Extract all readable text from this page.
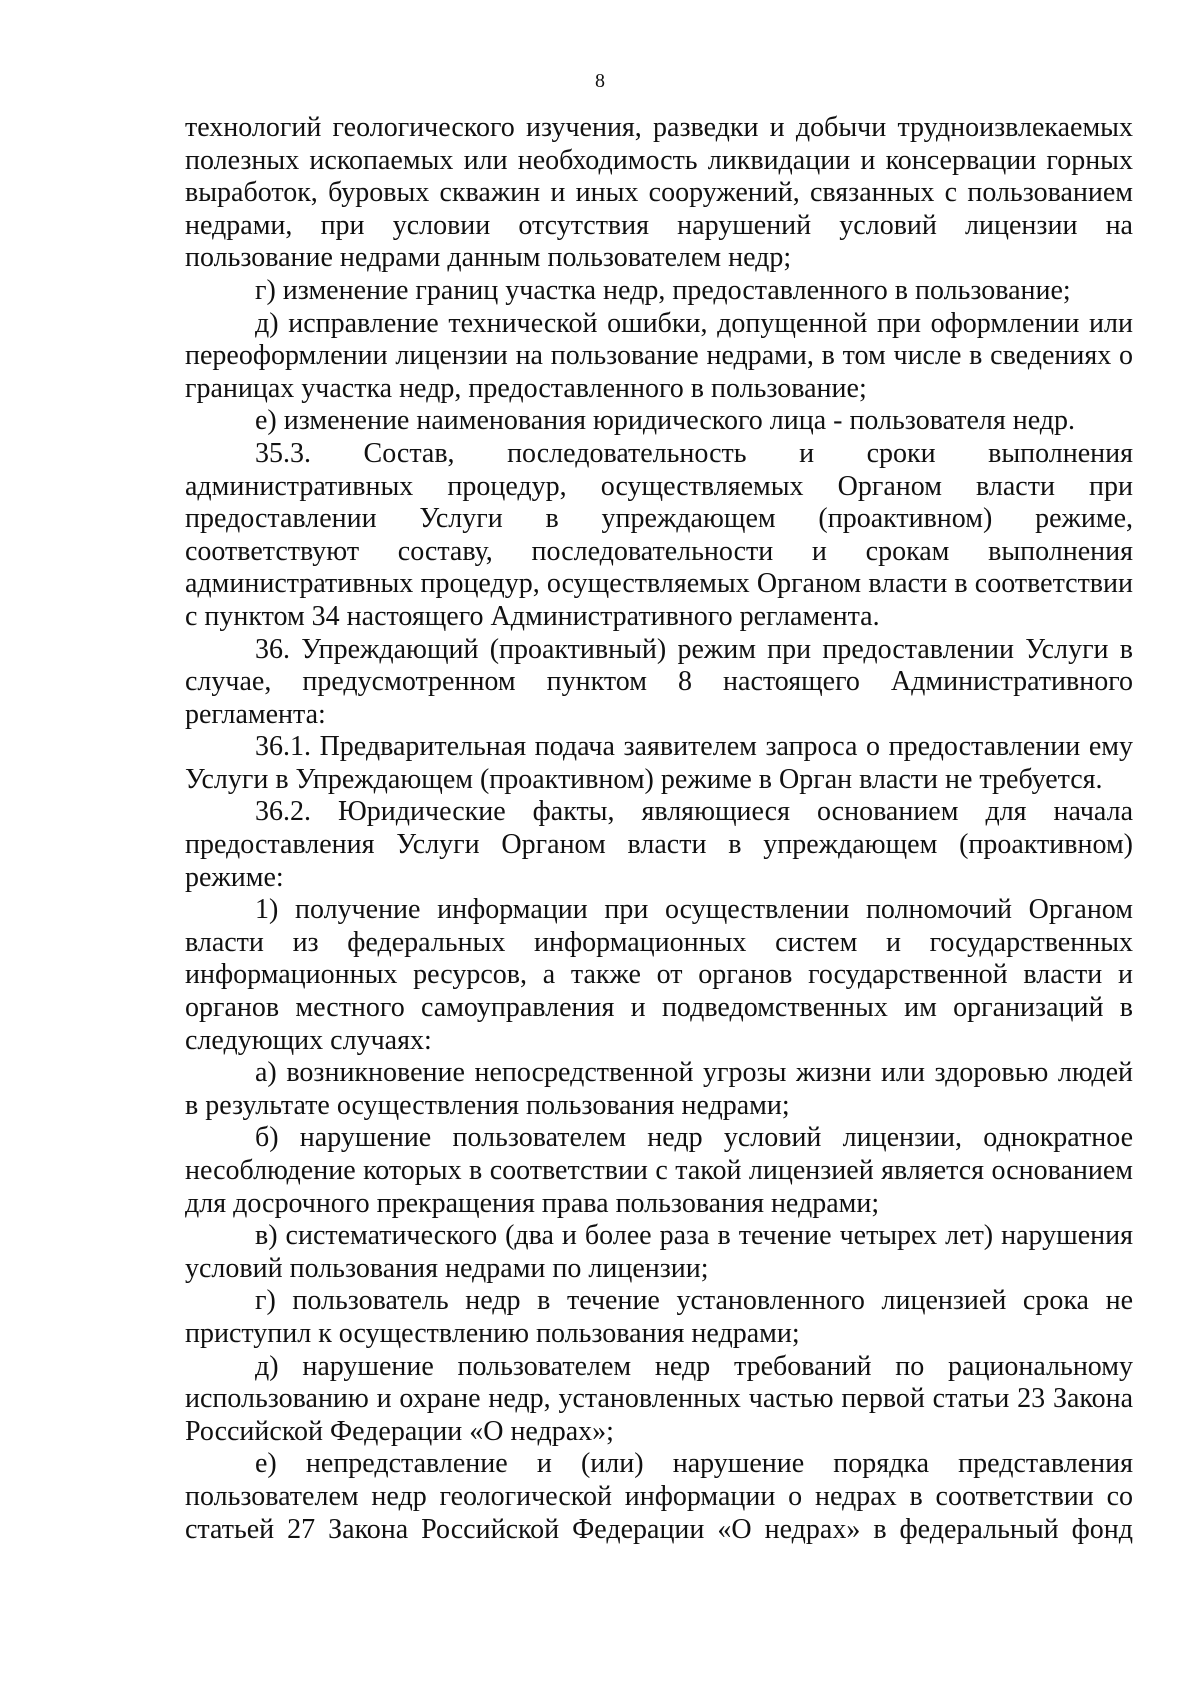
8

технологий геологического изучения, разведки и добычи трудноизвлекаемых полезных ископаемых или необходимость ликвидации и консервации горных выработок, буровых скважин и иных сооружений, связанных с пользованием недрами, при условии отсутствия нарушений условий лицензии на пользование недрами данным пользователем недр;

г) изменение границ участка недр, предоставленного в пользование;

д) исправление технической ошибки, допущенной при оформлении или переоформлении лицензии на пользование недрами, в том числе в сведениях о границах участка недр, предоставленного в пользование;

е) изменение наименования юридического лица - пользователя недр.

35.3. Состав, последовательность и сроки выполнения административных процедур, осуществляемых Органом власти при предоставлении Услуги в упреждающем (проактивном) режиме, соответствуют составу, последовательности и срокам выполнения административных процедур, осуществляемых Органом власти в соответствии с пунктом 34 настоящего Административного регламента.

36. Упреждающий (проактивный) режим при предоставлении Услуги в случае, предусмотренном пунктом 8 настоящего Административного регламента:

36.1. Предварительная подача заявителем запроса о предоставлении ему Услуги в Упреждающем (проактивном) режиме в Орган власти не требуется.

36.2. Юридические факты, являющиеся основанием для начала предоставления Услуги Органом власти в упреждающем (проактивном) режиме:

1) получение информации при осуществлении полномочий Органом власти из федеральных информационных систем и государственных информационных ресурсов, а также от органов государственной власти и органов местного самоуправления и подведомственных им организаций в следующих случаях:

а) возникновение непосредственной угрозы жизни или здоровью людей в результате осуществления пользования недрами;

б) нарушение пользователем недр условий лицензии, однократное несоблюдение которых в соответствии с такой лицензией является основанием для досрочного прекращения права пользования недрами;

в) систематического (два и более раза в течение четырех лет) нарушения условий пользования недрами по лицензии;

г) пользователь недр в течение установленного лицензией срока не приступил к осуществлению пользования недрами;

д) нарушение пользователем недр требований по рациональному использованию и охране недр, установленных частью первой статьи 23 Закона Российской Федерации «О недрах»;

е) непредставление и (или) нарушение порядка представления пользователем недр геологической информации о недрах в соответствии со статьей 27 Закона Российской Федерации «О недрах» в федеральный фонд
